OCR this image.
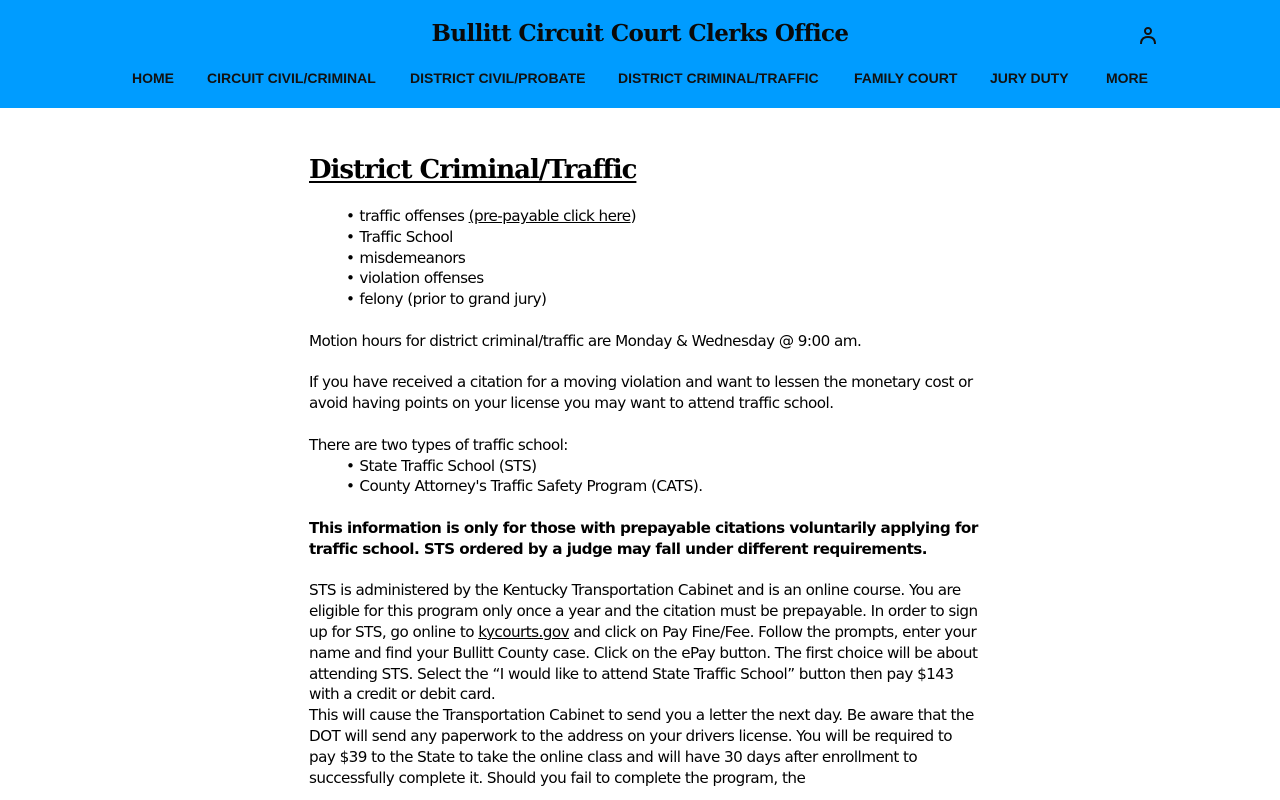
Bullitt Circuit Court Clerks Office
HOME CIRCUIT CIVIL/CRIMINAL DISTRICT CIVIL/PROBATE DISTRICT CRIMINAL/TRAFFIC	FAMILY COURT JURY DUTY	MORE
District Criminal/Traffic
• traffic offenses (pre-payable click here)
• Traffic School
• misdemeanors
• violation offenses
• felony (prior to grand jury)

Motion hours for district criminal/traffic are Monday & Wednesday @ 9:00 am.

If you have received a citation for a moving violation and want to lessen the monetary cost or avoid having points on your license you may want to attend traffic school.

There are two types of traffic school:

• State Traffic School (STS)
• County Attorney's Traffic Safety Program (CATS).

This information is only for those with prepayable citations voluntarily applying for traffic school. STS ordered by a judge may fall under different requirements.

STS is administered by the Kentucky Transportation Cabinet and is an online course. You are eligible for this program only once a year and the citation must be prepayable. In order to sign up for STS, go online to kycourts.gov and click on Pay Fine/Fee. Follow the prompts, enter your name and find your Bullitt County case. Click on the ePay button. The first choice will be about attending STS. Select the “I would like to attend State Traffic School” button then pay $143 with a credit or debit card.

This will cause the Transportation Cabinet to send you a letter the next day. Be aware that the DOT will send any paperwork to the address on your drivers license. You will be required to pay $39 to the State to take the online class and will have 30 days after enrollment to successfully complete it. Should you fail to complete the program, the
